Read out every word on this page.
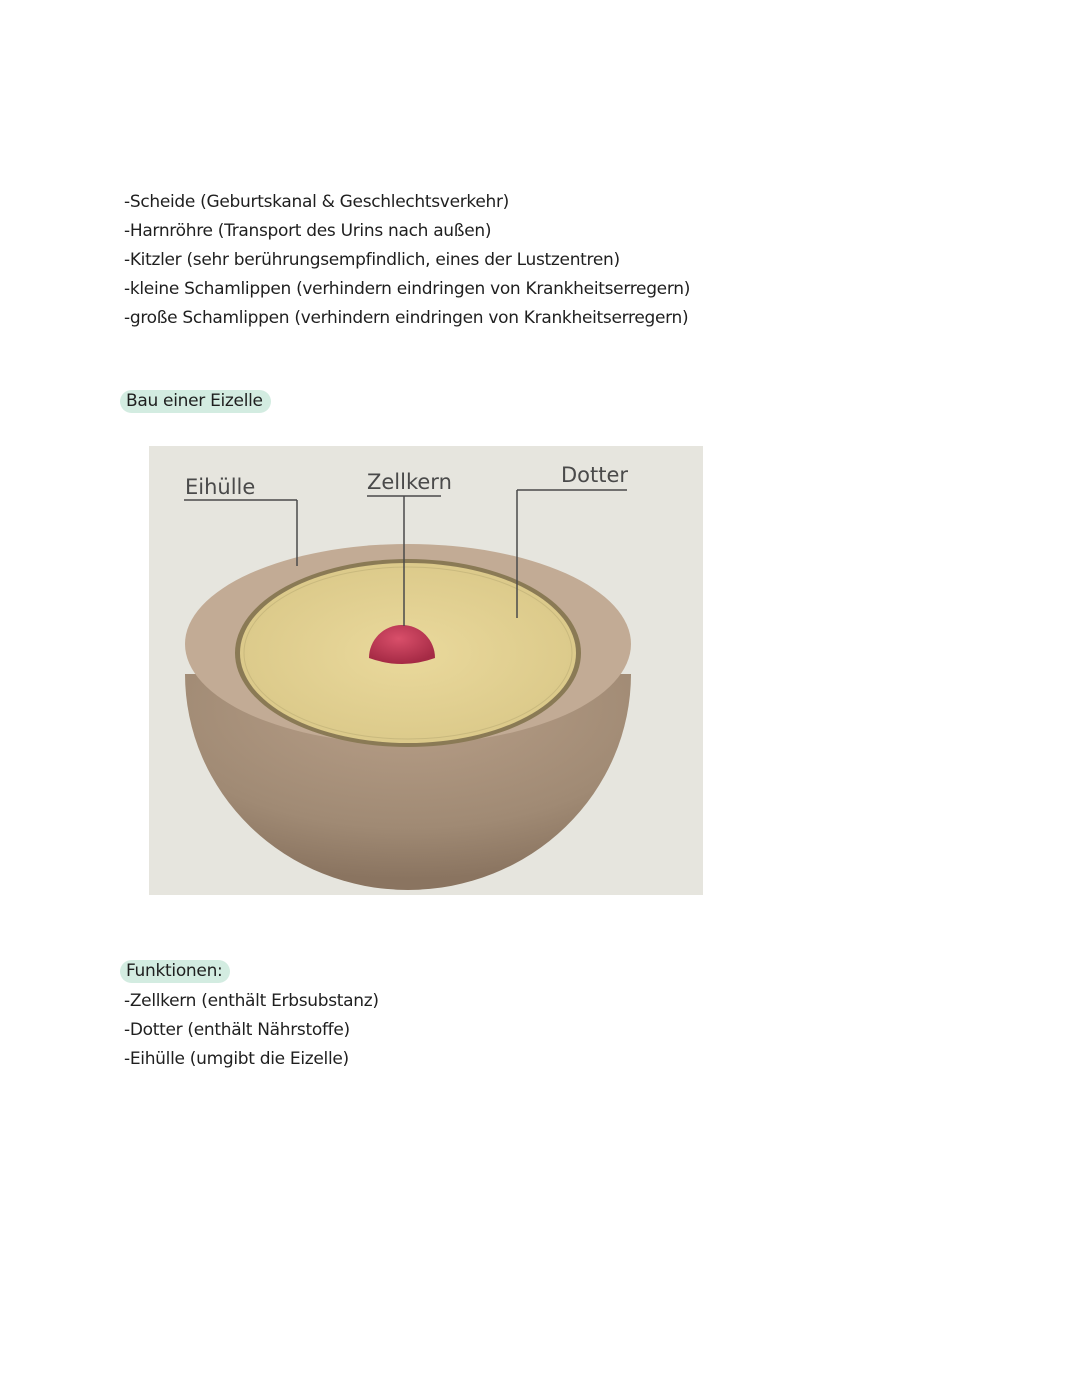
-Scheide (Geburtskanal & Geschlechtsverkehr)
-Harnröhre (Transport des Urins nach außen)
-Kitzler (sehr berührungsempfindlich, eines der Lustzentren)
-kleine Schamlippen (verhindern eindringen von Krankheitserregern)
-große Schamlippen (verhindern eindringen von Krankheitserregern)
Bau einer Eizelle
Eihülle	Zellkern	Dotter
Funktionen:
-Zellkern (enthält Erbsubstanz)
-Dotter (enthält Nährstoffe)
-Eihülle (umgibt die Eizelle)
